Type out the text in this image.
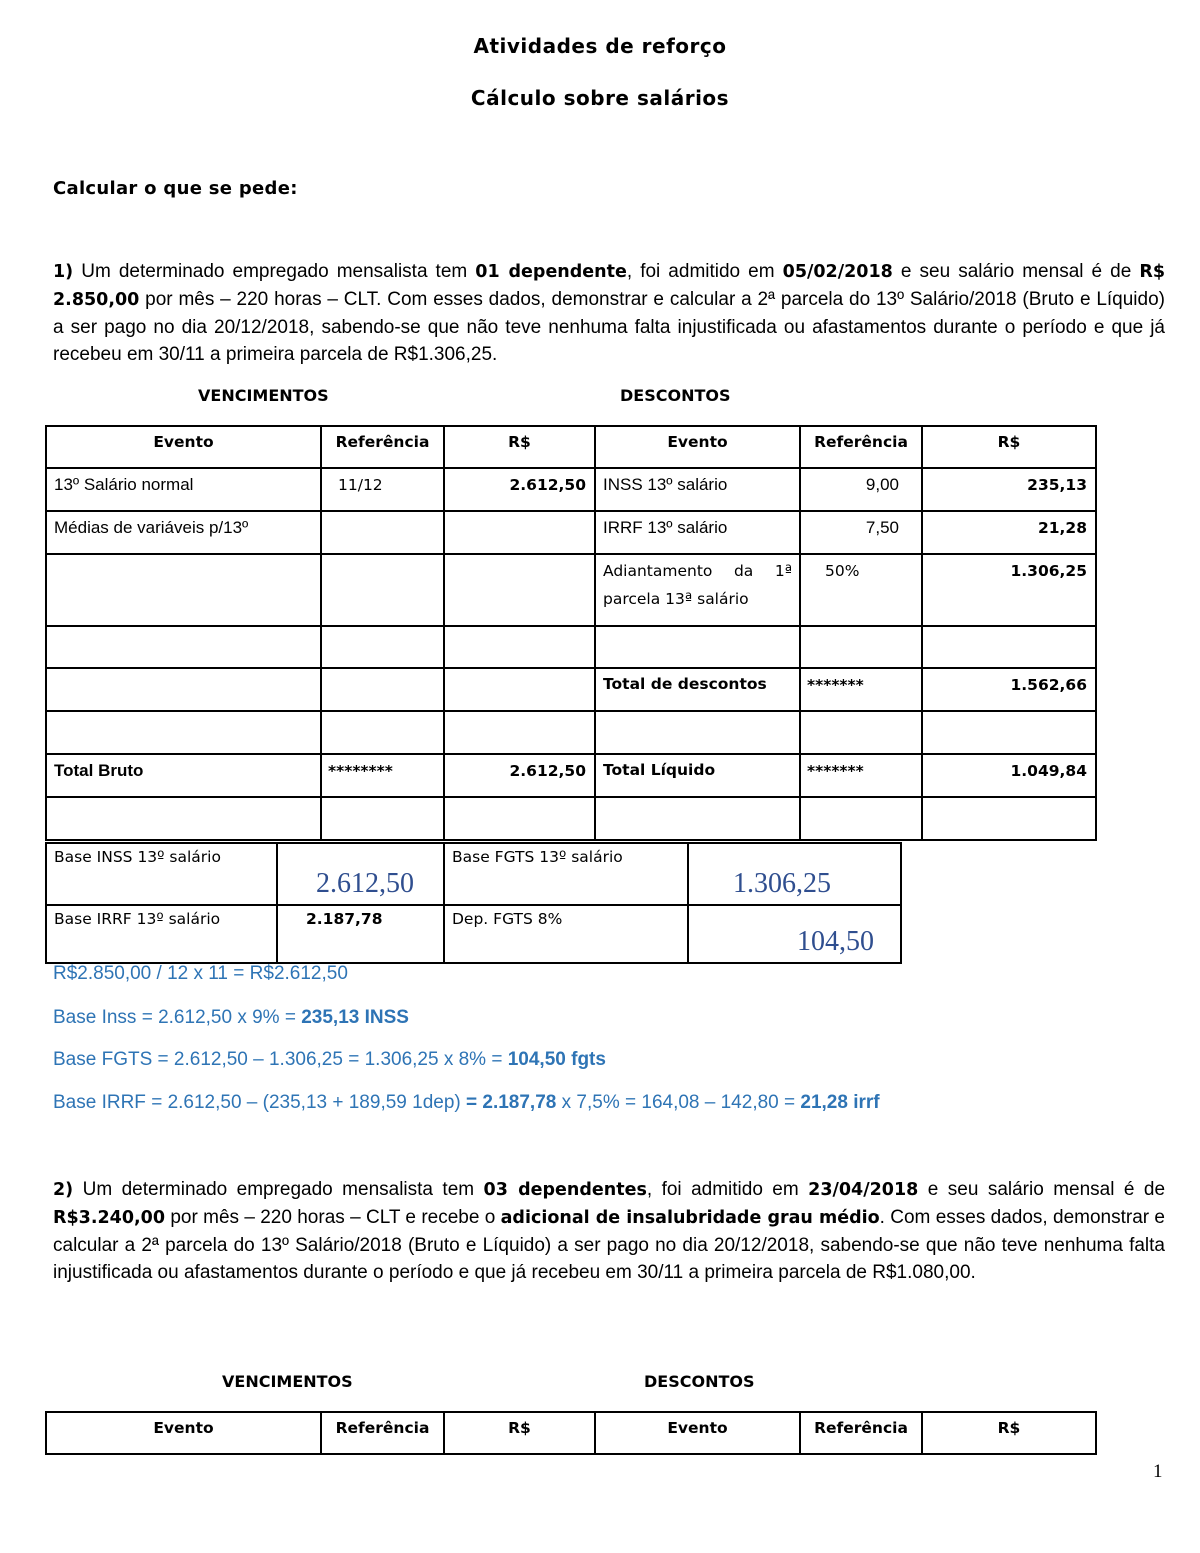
Atividades de reforço
Cálculo sobre salários
Calcular o que se pede:
1) Um determinado empregado mensalista tem 01 dependente, foi admitido em 05/02/2018 e seu salário mensal é de R$ 2.850,00 por mês – 220 horas – CLT. Com esses dados, demonstrar e calcular a 2ª parcela do 13º Salário/2018 (Bruto e Líquido) a ser pago no dia 20/12/2018, sabendo-se que não teve nenhuma falta injustificada ou afastamentos durante o período e que já recebeu em 30/11 a primeira parcela de R$1.306,25.
VENCIMENTOS	DESCONTOS
Evento	Referência	R$	Evento	Referência	R$

13º Salário normal	11/12	2.612,50	INSS 13º salário	9,00	235,13

Médias de variáveis p/13º			IRRF 13º salário	7,50	21,28

			Adiantamento da 1ª parcela 13ª salário	50%	1.306,25

			Total de descontos	*******	1.562,66

Total Bruto	********	2.612,50	Total Líquido	*******	1.049,84

Base INSS 13º salário	2.612,50	Base FGTS 13º salário	1.306,25

Base IRRF 13º salário	2.187,78	Dep. FGTS 8%	104,50
R$2.850,00 / 12 x 11 = R$2.612,50
Base Inss = 2.612,50 x 9% = 235,13 INSS
Base FGTS = 2.612,50 – 1.306,25 = 1.306,25 x 8% = 104,50 fgts
Base IRRF = 2.612,50 – (235,13 + 189,59 1dep) = 2.187,78 x 7,5% = 164,08 – 142,80 = 21,28 irrf
2) Um determinado empregado mensalista tem 03 dependentes, foi admitido em 23/04/2018 e seu salário mensal é de R$3.240,00 por mês – 220 horas – CLT e recebe o adicional de insalubridade grau médio. Com esses dados, demonstrar e calcular a 2ª parcela do 13º Salário/2018 (Bruto e Líquido) a ser pago no dia 20/12/2018, sabendo-se que não teve nenhuma falta injustificada ou afastamentos durante o período e que já recebeu em 30/11 a primeira parcela de R$1.080,00.
VENCIMENTOS	DESCONTOS
Evento	Referência	R$	Evento	Referência	R$
1
